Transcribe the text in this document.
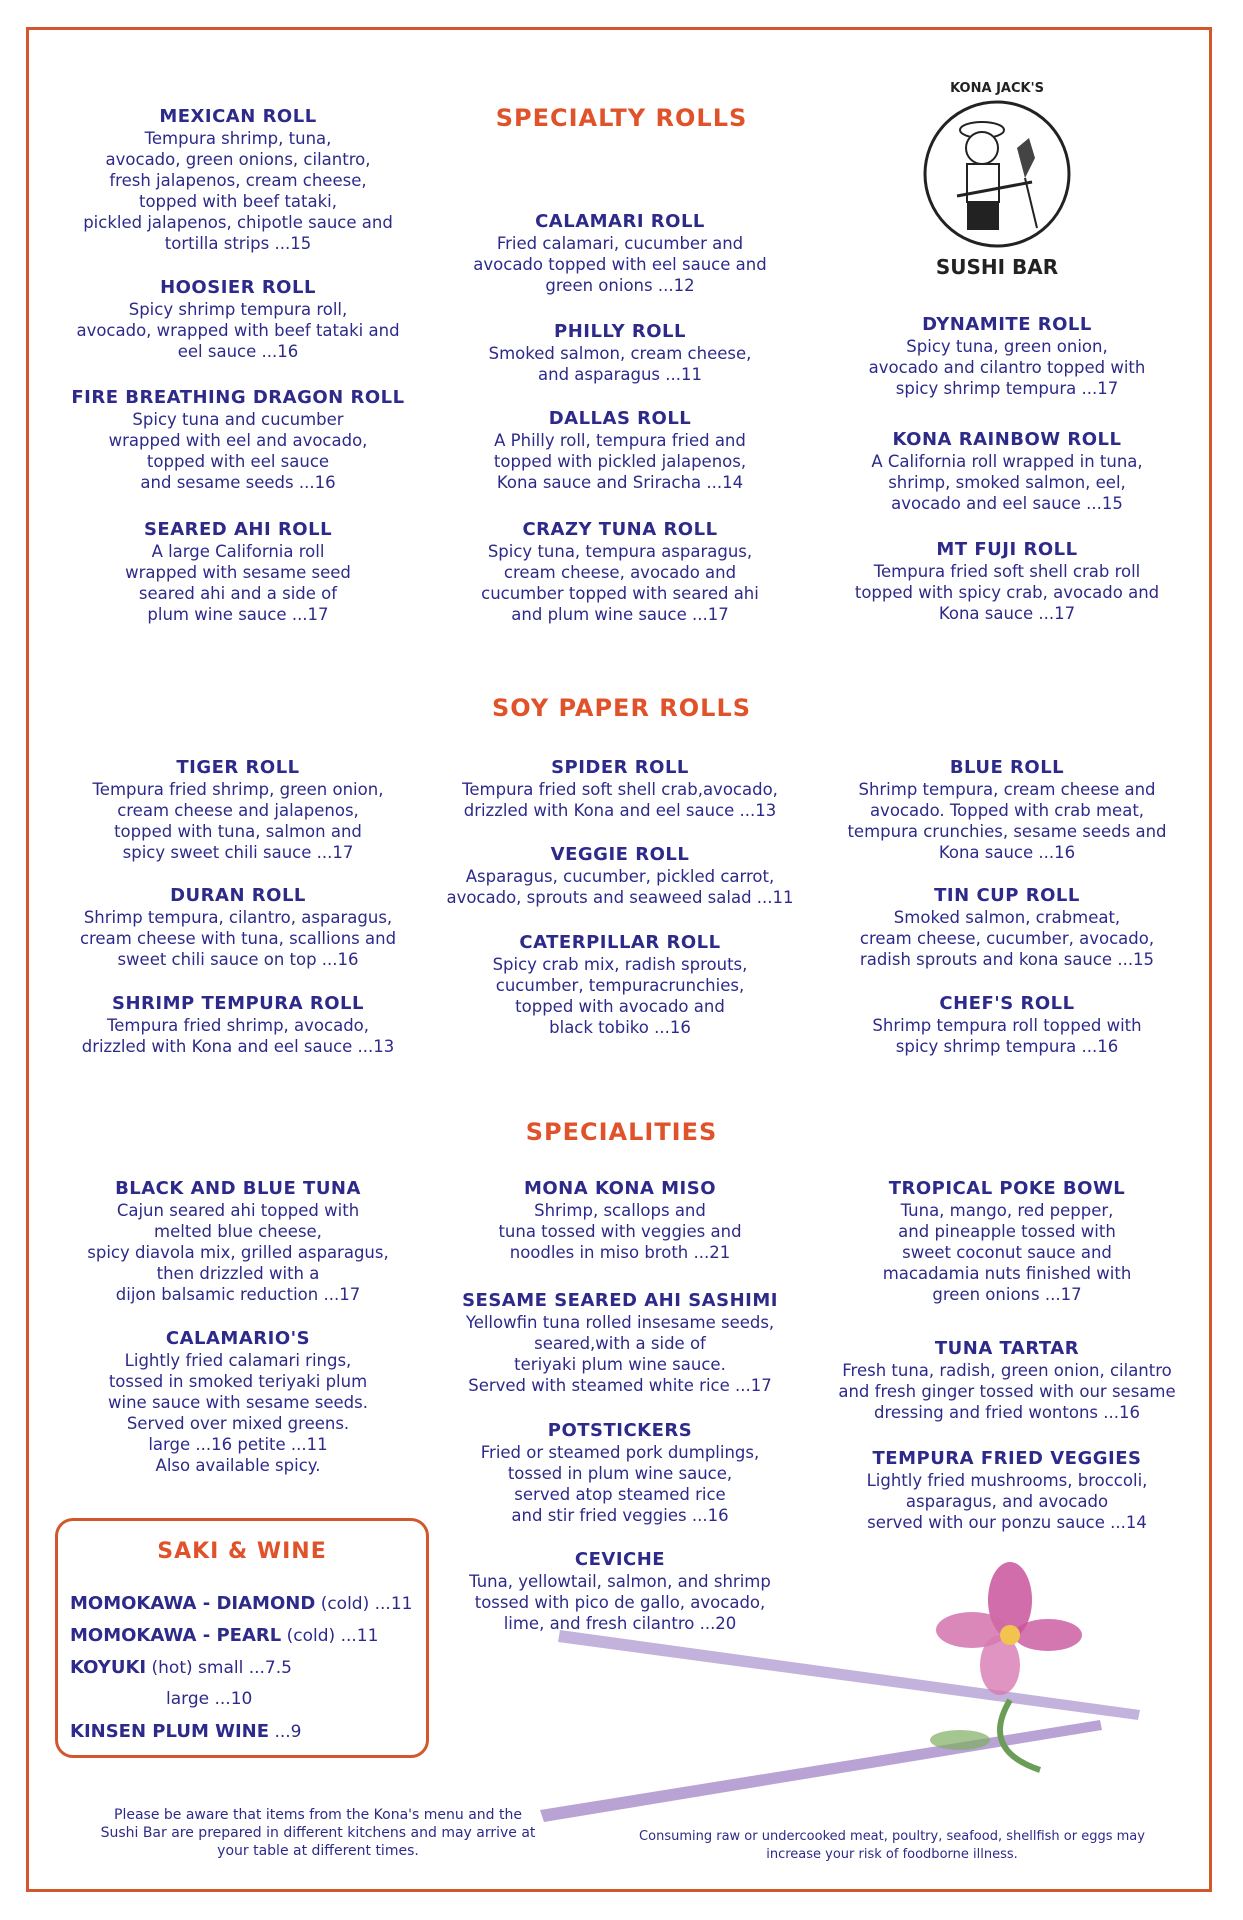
KONA JACK'S
SUSHI BAR
SPECIALTY ROLLS
SOY PAPER ROLLS
SPECIALITIES
MEXICAN ROLL
Tempura shrimp, tuna,
avocado, green onions, cilantro,
fresh jalapenos, cream cheese,
topped with beef tataki,
pickled jalapenos, chipotle sauce and
tortilla strips ...15
HOOSIER ROLL
Spicy shrimp tempura roll,
avocado, wrapped with beef tataki and
eel sauce ...16
FIRE BREATHING DRAGON ROLL
Spicy tuna and cucumber
wrapped with eel and avocado,
topped with eel sauce
and sesame seeds ...16
SEARED AHI ROLL
A large California roll
wrapped with sesame seed
seared ahi and a side of
plum wine sauce ...17
CALAMARI ROLL
Fried calamari, cucumber and
avocado topped with eel sauce and
green onions ...12
PHILLY ROLL
Smoked salmon, cream cheese,
and asparagus ...11
DALLAS ROLL
A Philly roll, tempura fried and
topped with pickled jalapenos,
Kona sauce and Sriracha ...14
CRAZY TUNA ROLL
Spicy tuna, tempura asparagus,
cream cheese, avocado and
cucumber topped with seared ahi
and plum wine sauce ...17
DYNAMITE ROLL
Spicy tuna, green onion,
avocado and cilantro topped with
spicy shrimp tempura ...17
KONA RAINBOW ROLL
A California roll wrapped in tuna,
shrimp, smoked salmon, eel,
avocado and eel sauce ...15
MT FUJI ROLL
Tempura fried soft shell crab roll
topped with spicy crab, avocado and
Kona sauce ...17
TIGER ROLL
Tempura fried shrimp, green onion,
cream cheese and jalapenos,
topped with tuna, salmon and
spicy sweet chili sauce ...17
DURAN ROLL
Shrimp tempura, cilantro, asparagus,
cream cheese with tuna, scallions and
sweet chili sauce on top ...16
SHRIMP TEMPURA ROLL
Tempura fried shrimp, avocado,
drizzled with Kona and eel sauce ...13
SPIDER ROLL
Tempura fried soft shell crab,avocado,
drizzled with Kona and eel sauce ...13
VEGGIE ROLL
Asparagus, cucumber, pickled carrot,
avocado, sprouts and seaweed salad ...11
CATERPILLAR ROLL
Spicy crab mix, radish sprouts,
cucumber, tempuracrunchies,
topped with avocado and
black tobiko ...16
BLUE ROLL
Shrimp tempura, cream cheese and
avocado. Topped with crab meat,
tempura crunchies, sesame seeds and
Kona sauce ...16
TIN CUP ROLL
Smoked salmon, crabmeat,
cream cheese, cucumber, avocado,
radish sprouts and kona sauce ...15
CHEF'S ROLL
Shrimp tempura roll topped with
spicy shrimp tempura ...16
BLACK AND BLUE TUNA
Cajun seared ahi topped with
melted blue cheese,
spicy diavola mix, grilled asparagus,
then drizzled with a
dijon balsamic reduction ...17
CALAMARIO'S
Lightly fried calamari rings,
tossed in smoked teriyaki plum
wine sauce with sesame seeds.
Served over mixed greens.
large ...16 petite ...11
Also available spicy.
MONA KONA MISO
Shrimp, scallops and
tuna tossed with veggies and
noodles in miso broth ...21
SESAME SEARED AHI SASHIMI
Yellowfin tuna rolled insesame seeds,
seared,with a side of
teriyaki plum wine sauce.
Served with steamed white rice ...17
POTSTICKERS
Fried or steamed pork dumplings,
tossed in plum wine sauce,
served atop steamed rice
and stir fried veggies ...16
CEVICHE
Tuna, yellowtail, salmon, and shrimp
tossed with pico de gallo, avocado,
lime, and fresh cilantro ...20
TROPICAL POKE BOWL
Tuna, mango, red pepper,
and pineapple tossed with
sweet coconut sauce and
macadamia nuts finished with
green onions ...17
TUNA TARTAR
Fresh tuna, radish, green onion, cilantro
and fresh ginger tossed with our sesame
dressing and fried wontons ...16
TEMPURA FRIED VEGGIES
Lightly fried mushrooms, broccoli,
asparagus, and avocado
served with our ponzu sauce ...14
SAKI & WINE
MOMOKAWA - DIAMOND (cold) ...11
MOMOKAWA - PEARL (cold) ...11
KOYUKI (hot) small ...7.5
large ...10
KINSEN PLUM WINE ...9
Please be aware that items from the Kona's menu and the
Sushi Bar are prepared in different kitchens and may arrive at
your table at different times.
Consuming raw or undercooked meat, poultry, seafood, shellfish or eggs may
increase your risk of foodborne illness.
